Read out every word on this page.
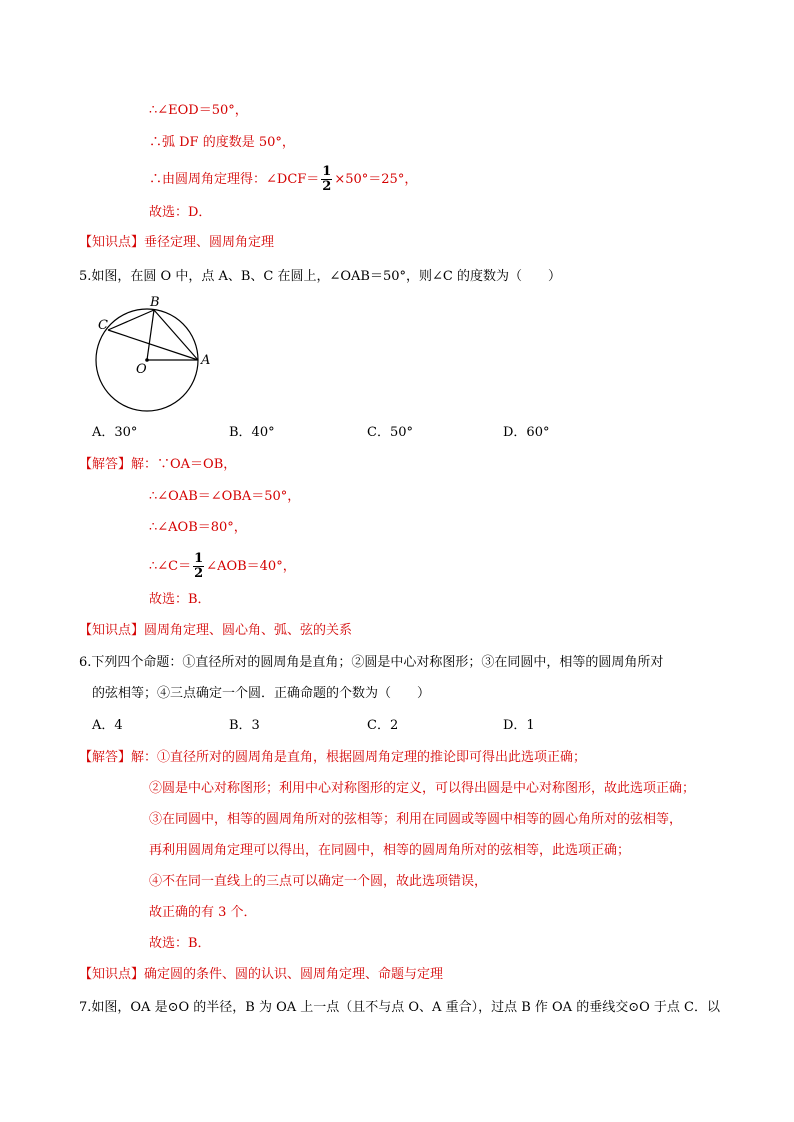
∴∠EOD＝50°，
∴弧 DF 的度数是 50°，
∴由圆周角定理得：∠DCF＝ $\frac{1}{2} \times 50^\circ=25^\circ$，
故选：D．
【知识点】垂径定理、圆周角定理
5.如图，在圆 O 中，点 A、B、C 在圆上，∠OAB＝50°，则∠C 的度数为（　　）
B
C
A
O
A．30°	B．40°	C．50°	D．60°
【解答】解：∵OA＝OB，
∴∠OAB＝∠OBA＝50°，
∴∠AOB＝80°，
∴∠C＝ $\frac{1}{2}$ ∠AOB＝40°，
故选：B．
【知识点】圆周角定理、圆心角、弧、弦的关系
6.下列四个命题：①直径所对的圆周角是直角；②圆是中心对称图形；③在同圆中，相等的圆周角所对
的弦相等；④三点确定一个圆．正确命题的个数为（　　）
A．4	B．3	C．2	D．1
【解答】解：①直径所对的圆周角是直角，根据圆周角定理的推论即可得出此选项正确；
②圆是中心对称图形；利用中心对称图形的定义，可以得出圆是中心对称图形，故此选项正确；
③在同圆中，相等的圆周角所对的弦相等；利用在同圆或等圆中相等的圆心角所对的弦相等，
再利用圆周角定理可以得出，在同圆中，相等的圆周角所对的弦相等，此选项正确；
④不在同一直线上的三点可以确定一个圆，故此选项错误，
故正确的有 3 个．
故选：B．
【知识点】确定圆的条件、圆的认识、圆周角定理、命题与定理
7.如图，OA 是⊙O 的半径，B 为 OA 上一点（且不与点 O、A 重合），过点 B 作 OA 的垂线交⊙O 于点 C．以
